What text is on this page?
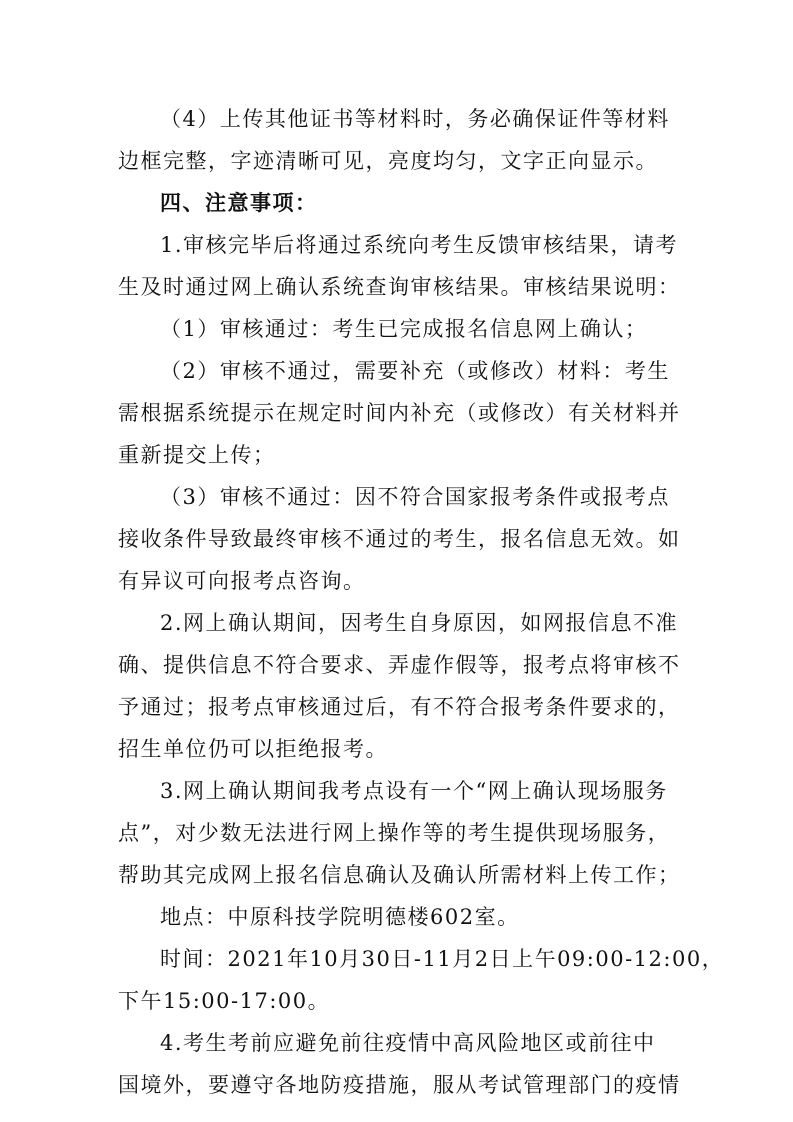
（4）上传其他证书等材料时，务必确保证件等材料
边框完整，字迹清晰可见，亮度均匀，文字正向显示。
四、注意事项：
1.审核完毕后将通过系统向考生反馈审核结果，请考
生及时通过网上确认系统查询审核结果。审核结果说明：
（1）审核通过：考生已完成报名信息网上确认；
（2）审核不通过，需要补充（或修改）材料：考生
需根据系统提示在规定时间内补充（或修改）有关材料并
重新提交上传；
（3）审核不通过：因不符合国家报考条件或报考点
接收条件导致最终审核不通过的考生，报名信息无效。如
有异议可向报考点咨询。
2.网上确认期间，因考生自身原因，如网报信息不准
确、提供信息不符合要求、弄虚作假等，报考点将审核不
予通过；报考点审核通过后，有不符合报考条件要求的，
招生单位仍可以拒绝报考。
3.网上确认期间我考点设有一个“网上确认现场服务
点”，对少数无法进行网上操作等的考生提供现场服务，
帮助其完成网上报名信息确认及确认所需材料上传工作；
地点：中原科技学院明德楼602室。
时间：2021年10月30日-11月2日上午09:00-12:00，
下午15:00-17:00。
4.考生考前应避免前往疫情中高风险地区或前往中
国境外，要遵守各地防疫措施，服从考试管理部门的疫情
